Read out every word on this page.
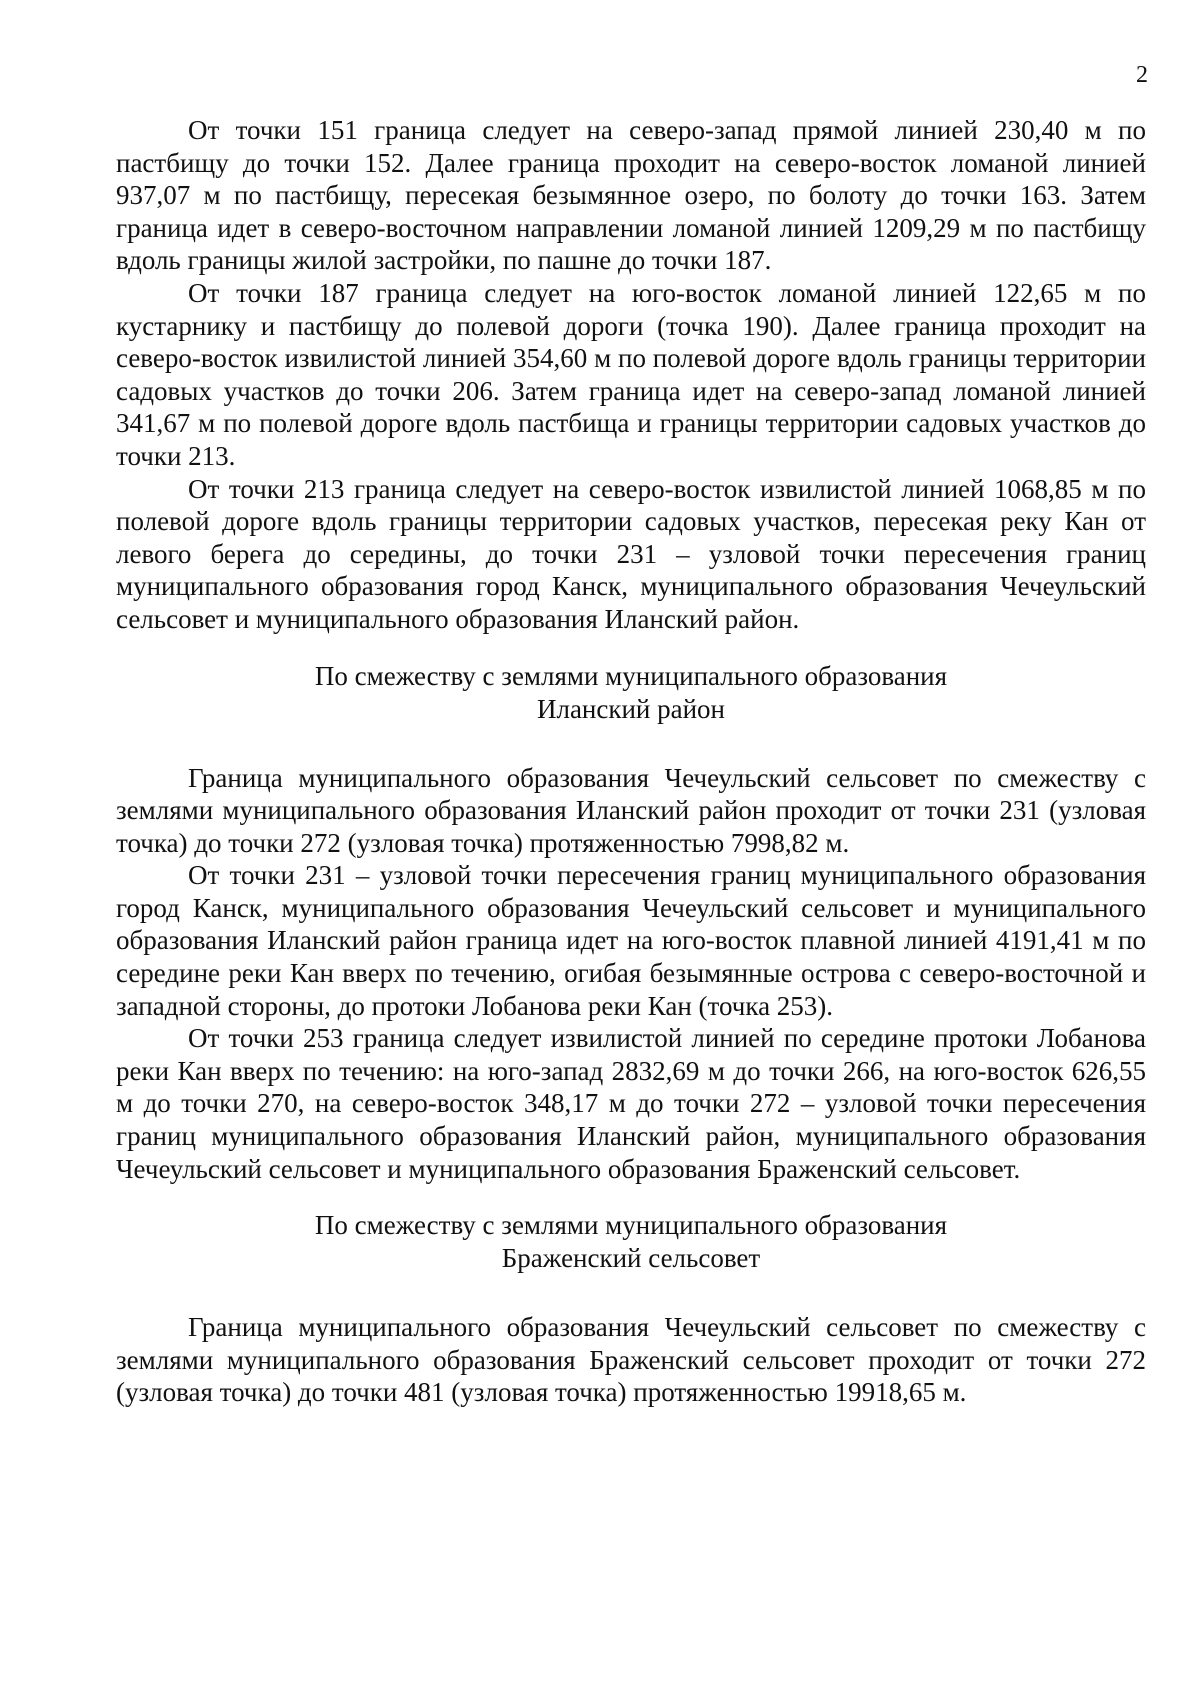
2

От точки 151 граница следует на северо-запад прямой линией 230,40 м по пастбищу до точки 152. Далее граница проходит на северо-восток ломаной линией 937,07 м по пастбищу, пересекая безымянное озеро, по болоту до точки 163. Затем граница идет в северо-восточном направлении ломаной линией 1209,29 м по пастбищу вдоль границы жилой застройки, по пашне до точки 187.

От точки 187 граница следует на юго-восток ломаной линией 122,65 м по кустарнику и пастбищу до полевой дороги (точка 190). Далее граница проходит на северо-восток извилистой линией 354,60 м по полевой дороге вдоль границы территории садовых участков до точки 206. Затем граница идет на северо-запад ломаной линией 341,67 м по полевой дороге вдоль пастбища и границы территории садовых участков до точки 213.

От точки 213 граница следует на северо-восток извилистой линией 1068,85 м по полевой дороге вдоль границы территории садовых участков, пересекая реку Кан от левого берега до середины, до точки 231 – узловой точки пересечения границ муниципального образования город Канск, муниципального образования Чечеульский сельсовет и муниципального образования Иланский район.

По смежеству с землями муниципального образования
Иланский район

Граница муниципального образования Чечеульский сельсовет по смежеству с землями муниципального образования Иланский район проходит от точки 231 (узловая точка) до точки 272 (узловая точка) протяженностью 7998,82 м.

От точки 231 – узловой точки пересечения границ муниципального образования город Канск, муниципального образования Чечеульский сельсовет и муниципального образования Иланский район граница идет на юго-восток плавной линией 4191,41 м по середине реки Кан вверх по течению, огибая безымянные острова с северо-восточной и западной стороны, до протоки Лобанова реки Кан (точка 253).

От точки 253 граница следует извилистой линией по середине протоки Лобанова реки Кан вверх по течению: на юго-запад 2832,69 м до точки 266, на юго-восток 626,55 м до точки 270, на северо-восток 348,17 м до точки 272 – узловой точки пересечения границ муниципального образования Иланский район, муниципального образования Чечеульский сельсовет и муниципального образования Браженский сельсовет.

По смежеству с землями муниципального образования
Браженский сельсовет

Граница муниципального образования Чечеульский сельсовет по смежеству с землями муниципального образования Браженский сельсовет проходит от точки 272 (узловая точка) до точки 481 (узловая точка) протяженностью 19918,65 м.
